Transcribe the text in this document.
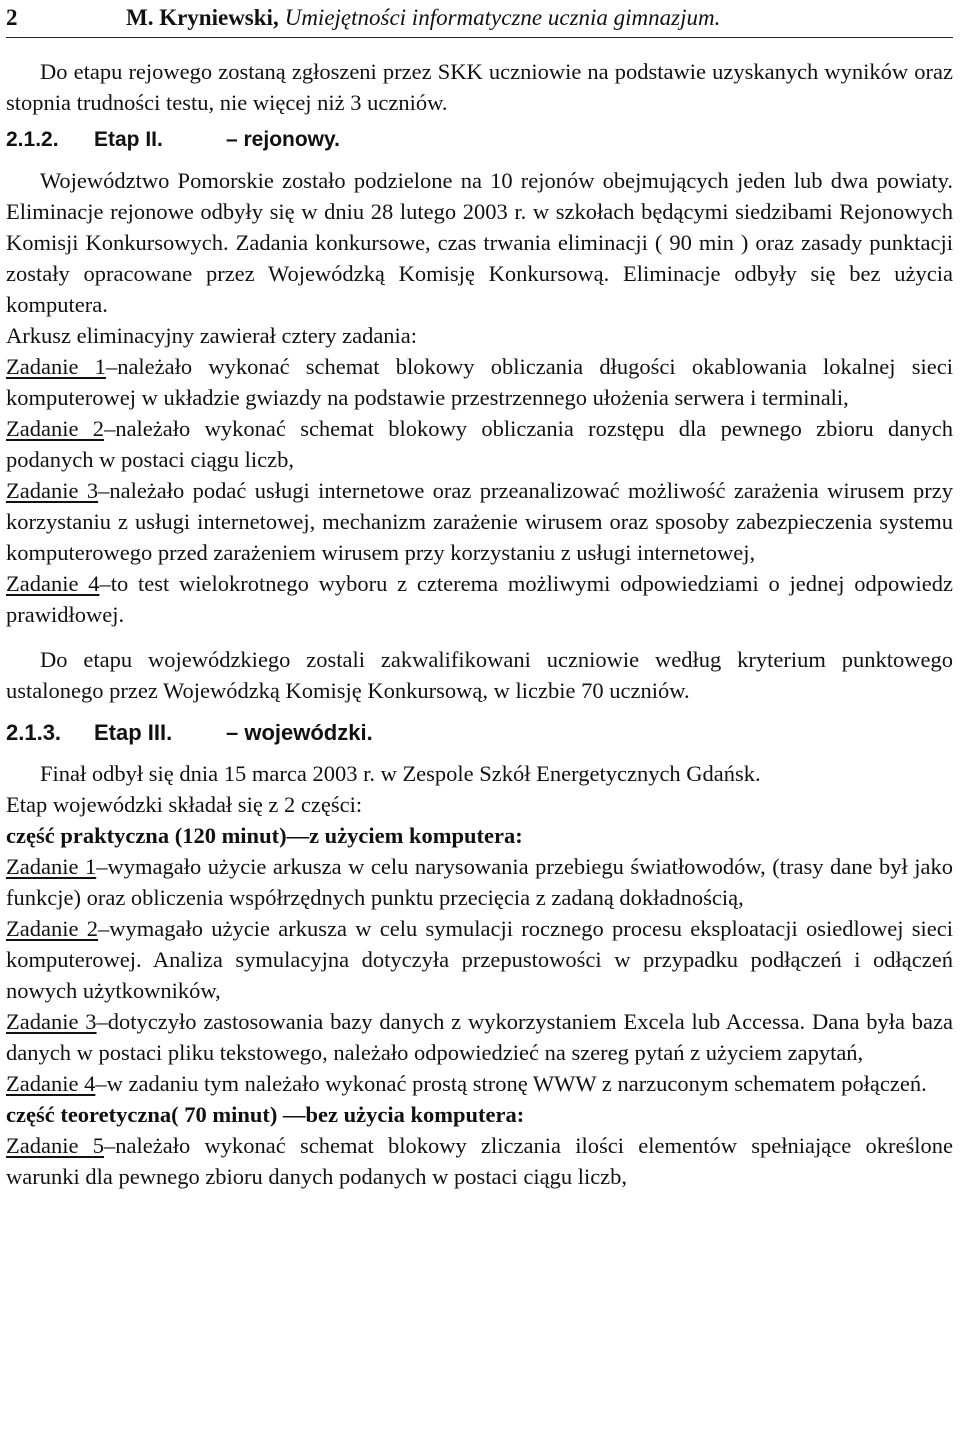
2	M. Kryniewski, Umiejętności informatyczne ucznia gimnazjum.

Do etapu rejowego zostaną zgłoszeni przez SKK uczniowie na podstawie uzyskanych wyników oraz stopnia trudności testu, nie więcej niż 3 uczniów.

2.1.2. Etap II.	– rejonowy.

Województwo Pomorskie zostało podzielone na 10 rejonów obejmujących jeden lub dwa powiaty. Eliminacje rejonowe odbyły się w dniu 28 lutego 2003 r. w szkołach będącymi siedzibami Rejonowych Komisji Konkursowych. Zadania konkursowe, czas trwania eliminacji ( 90 min ) oraz zasady punktacji zostały opracowane przez Wojewódzką Komisję Konkursową. Eliminacje odbyły się bez użycia komputera.

Arkusz eliminacyjny zawierał cztery zadania:

Zadanie 1–należało wykonać schemat blokowy obliczania długości okablowania lokalnej sieci komputerowej w układzie gwiazdy na podstawie przestrzennego ułożenia serwera i terminali,

Zadanie 2–należało wykonać schemat blokowy obliczania rozstępu dla pewnego zbioru danych podanych w postaci ciągu liczb,

Zadanie 3–należało podać usługi internetowe oraz przeanalizować możliwość zarażenia wirusem przy korzystaniu z usługi internetowej, mechanizm zarażenie wirusem oraz sposoby zabezpieczenia systemu komputerowego przed zarażeniem wirusem przy korzystaniu z usługi internetowej,

Zadanie 4–to test wielokrotnego wyboru z czterema możliwymi odpowiedziami o jednej odpowiedz prawidłowej.

Do etapu wojewódzkiego zostali zakwalifikowani uczniowie według kryterium punktowego ustalonego przez Wojewódzką Komisję Konkursową, w liczbie 70 uczniów.

2.1.3. Etap III. – wojewódzki.

Finał odbył się dnia 15 marca 2003 r. w Zespole Szkół Energetycznych Gdańsk.

Etap wojewódzki składał się z 2 części:

część praktyczna (120 minut)—z użyciem komputera:

Zadanie 1–wymagało użycie arkusza w celu narysowania przebiegu światłowodów, (trasy dane był jako funkcje) oraz obliczenia współrzędnych punktu przecięcia z zadaną dokładnością,

Zadanie 2–wymagało użycie arkusza w celu symulacji rocznego procesu eksploatacji osiedlowej sieci komputerowej. Analiza symulacyjna dotyczyła przepustowości w przypadku podłączeń i odłączeń nowych użytkowników,

Zadanie 3–dotyczyło zastosowania bazy danych z wykorzystaniem Excela lub Accessa. Dana była baza danych w postaci pliku tekstowego, należało odpowiedzieć na szereg pytań z użyciem zapytań,

Zadanie 4–w zadaniu tym należało wykonać prostą stronę WWW z narzuconym schematem połączeń.

część teoretyczna( 70 minut) —bez użycia komputera:

Zadanie 5–należało wykonać schemat blokowy zliczania ilości elementów spełniające określone warunki dla pewnego zbioru danych podanych w postaci ciągu liczb,
